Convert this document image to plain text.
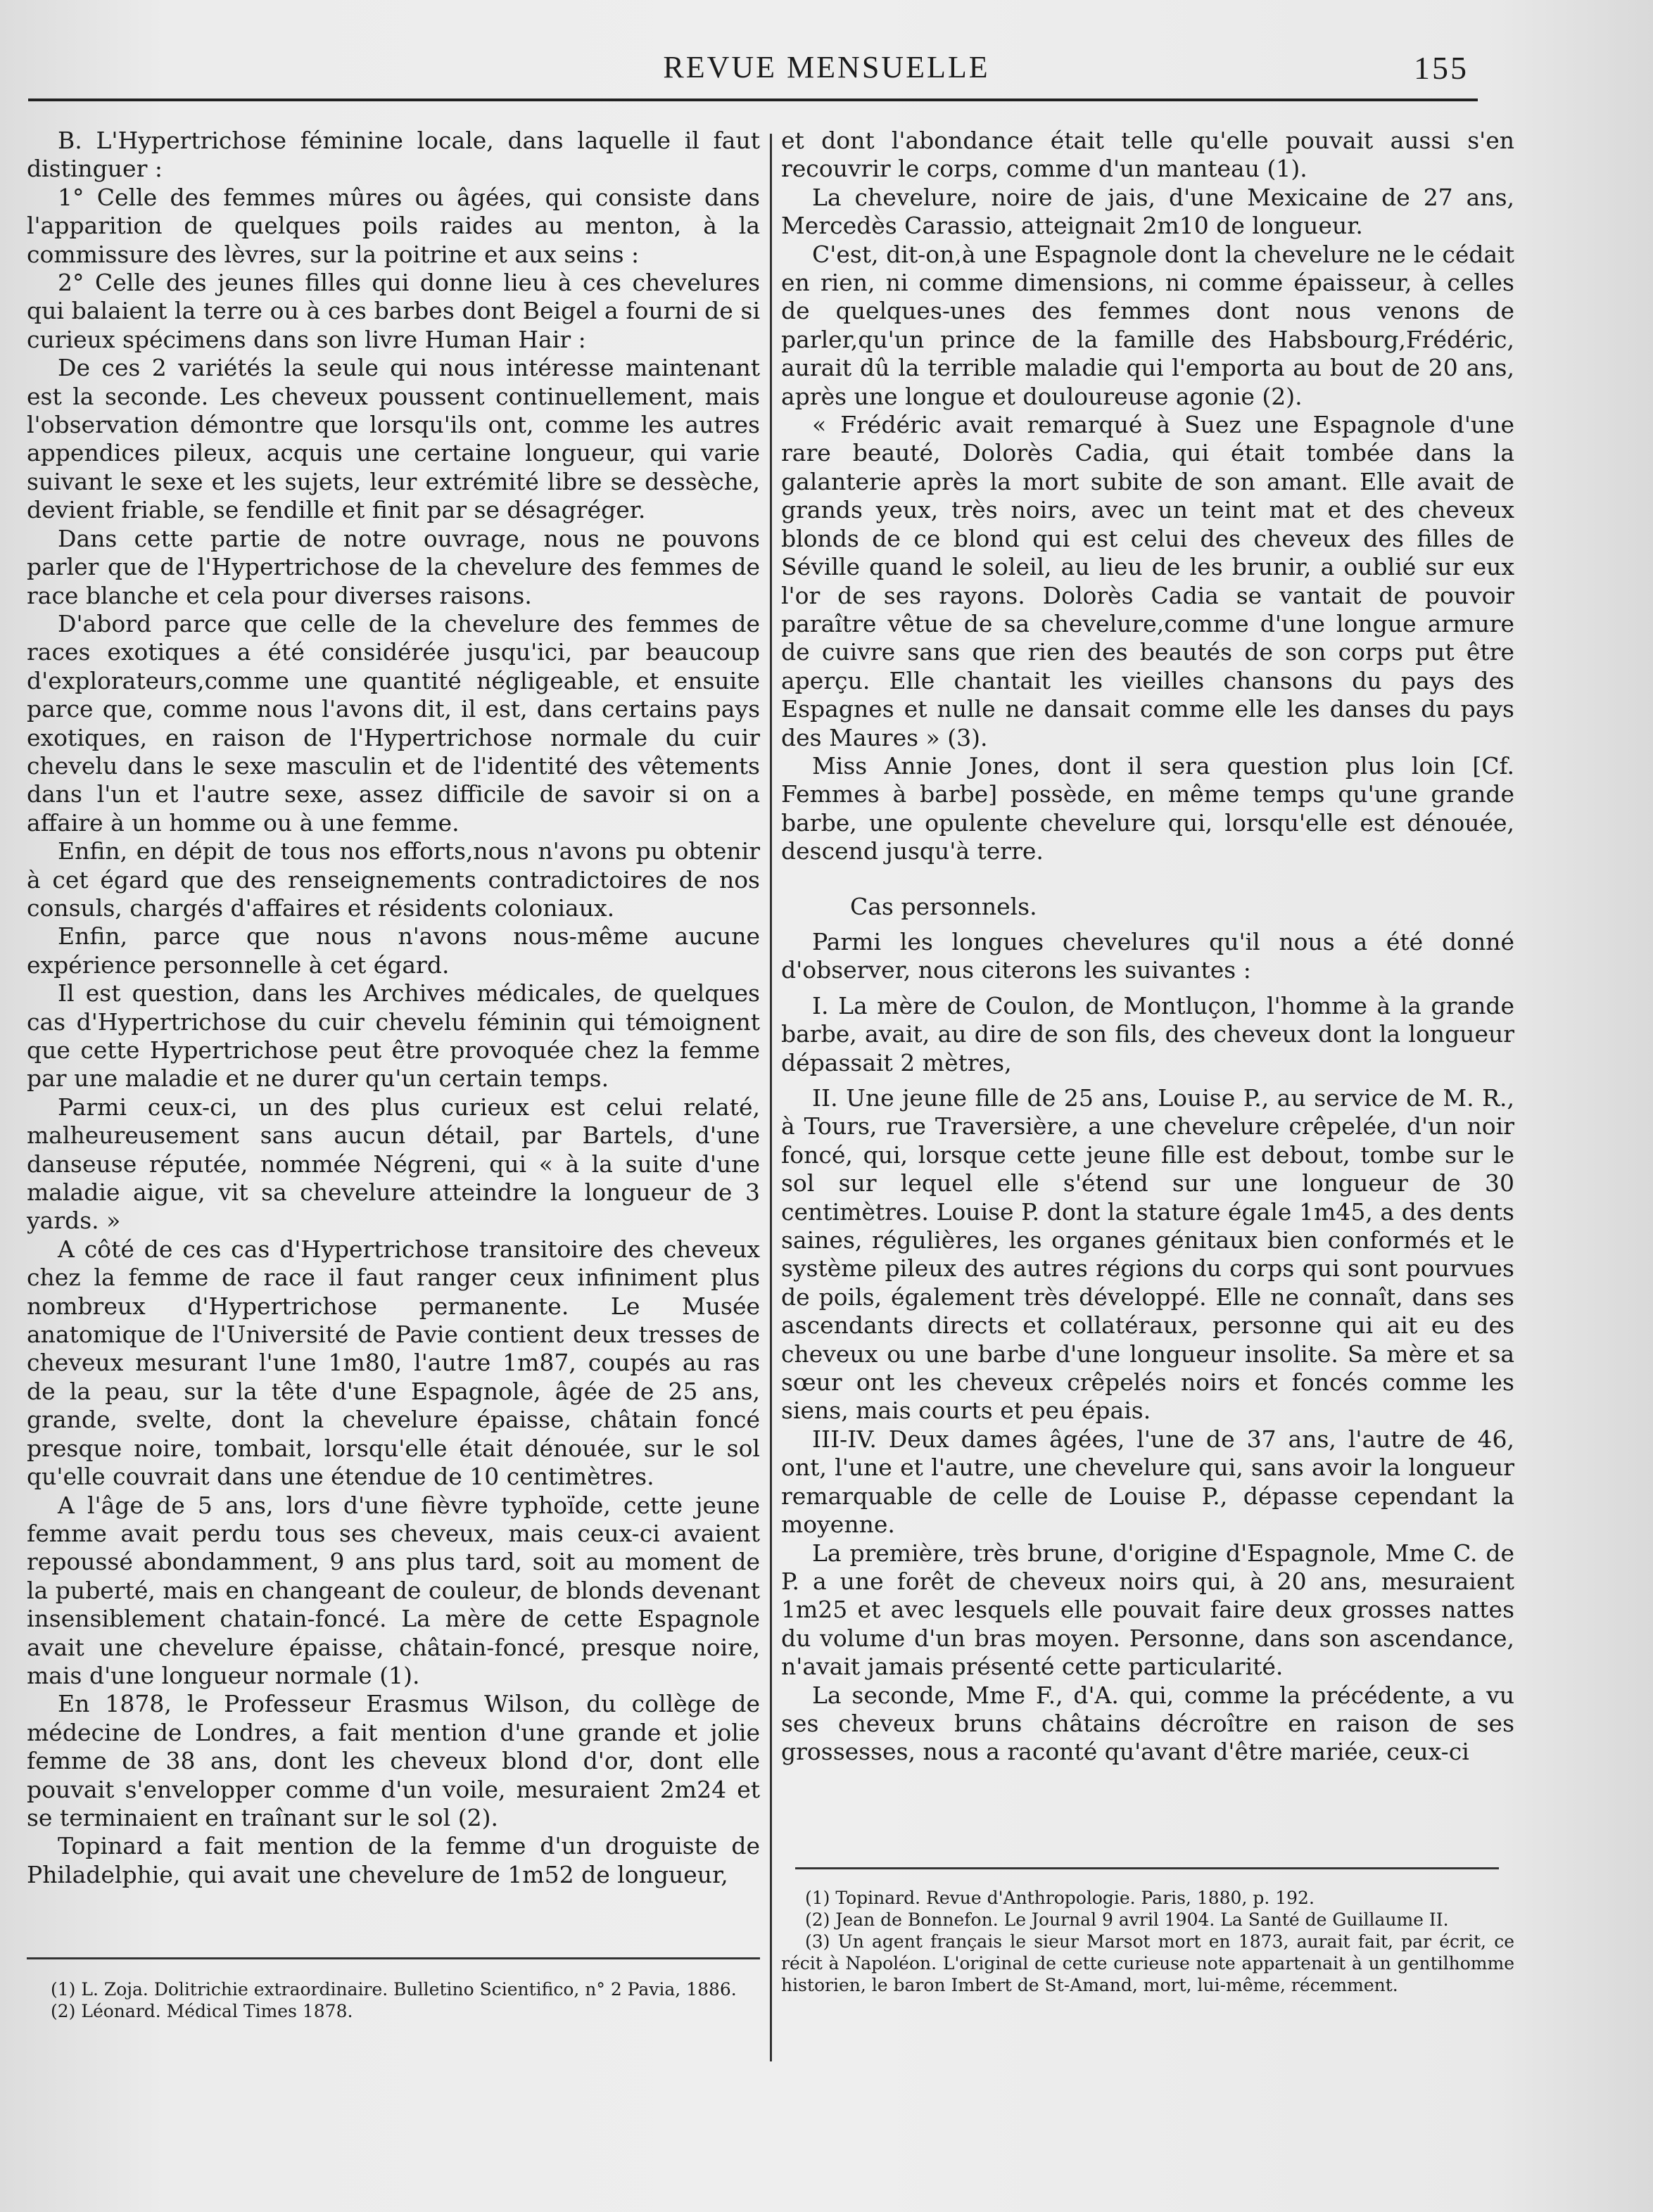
REVUE MENSUELLE	155

B. L'Hypertrichose féminine locale, dans laquelle il faut distinguer :

1° Celle des femmes mûres ou âgées, qui consiste dans l'apparition de quelques poils raides au menton, à la commissure des lèvres, sur la poitrine et aux seins :

2° Celle des jeunes filles qui donne lieu à ces chevelures qui balaient la terre ou à ces barbes dont Beigel a fourni de si curieux spécimens dans son livre Human Hair :

De ces 2 variétés la seule qui nous intéresse maintenant est la seconde. Les cheveux poussent continuellement, mais l'observation démontre que lorsqu'ils ont, comme les autres appendices pileux, acquis une certaine longueur, qui varie suivant le sexe et les sujets, leur extrémité libre se dessèche, devient friable, se fendille et finit par se désagréger.

Dans cette partie de notre ouvrage, nous ne pouvons parler que de l'Hypertrichose de la chevelure des femmes de race blanche et cela pour diverses raisons.

D'abord parce que celle de la chevelure des femmes de races exotiques a été considérée jusqu'ici, par beaucoup d'explorateurs,comme une quantité négligeable, et ensuite parce que, comme nous l'avons dit, il est, dans certains pays exotiques, en raison de l'Hypertrichose normale du cuir chevelu dans le sexe masculin et de l'identité des vêtements dans l'un et l'autre sexe, assez difficile de savoir si on a affaire à un homme ou à une femme.

Enfin, en dépit de tous nos efforts,nous n'avons pu obtenir à cet égard que des renseignements contradictoires de nos consuls, chargés d'affaires et résidents coloniaux.

Enfin, parce que nous n'avons nous-même aucune expérience personnelle à cet égard.

Il est question, dans les Archives médicales, de quelques cas d'Hypertrichose du cuir chevelu féminin qui témoignent que cette Hypertrichose peut être provoquée chez la femme par une maladie et ne durer qu'un certain temps.

Parmi ceux-ci, un des plus curieux est celui relaté, malheureusement sans aucun détail, par Bartels, d'une danseuse réputée, nommée Négreni, qui « à la suite d'une maladie aigue, vit sa chevelure atteindre la longueur de 3 yards. »

A côté de ces cas d'Hypertrichose transitoire des cheveux chez la femme de race il faut ranger ceux infiniment plus nombreux d'Hypertrichose permanente. Le Musée anatomique de l'Université de Pavie contient deux tresses de cheveux mesurant l'une 1m80, l'autre 1m87, coupés au ras de la peau, sur la tête d'une Espagnole, âgée de 25 ans, grande, svelte, dont la chevelure épaisse, châtain foncé presque noire, tombait, lorsqu'elle était dénouée, sur le sol qu'elle couvrait dans une étendue de 10 centimètres.

A l'âge de 5 ans, lors d'une fièvre typhoïde, cette jeune femme avait perdu tous ses cheveux, mais ceux-ci avaient repoussé abondamment, 9 ans plus tard, soit au moment de la puberté, mais en changeant de couleur, de blonds devenant insensiblement chatain-foncé. La mère de cette Espagnole avait une chevelure épaisse, châtain-foncé, presque noire, mais d'une longueur normale (1).

En 1878, le Professeur Erasmus Wilson, du collège de médecine de Londres, a fait mention d'une grande et jolie femme de 38 ans, dont les cheveux blond d'or, dont elle pouvait s'envelopper comme d'un voile, mesuraient 2m24 et se terminaient en traînant sur le sol (2).

Topinard a fait mention de la femme d'un droguiste de Philadelphie, qui avait une chevelure de 1m52 de longueur,

(1) L. Zoja. Dolitrichie extraordinaire. Bulletino Scientifico, n° 2 Pavia, 1886.

(2) Léonard. Médical Times 1878.

et dont l'abondance était telle qu'elle pouvait aussi s'en recouvrir le corps, comme d'un manteau (1).

La chevelure, noire de jais, d'une Mexicaine de 27 ans, Mercedès Carassio, atteignait 2m10 de longueur.

C'est, dit-on,à une Espagnole dont la chevelure ne le cédait en rien, ni comme dimensions, ni comme épaisseur, à celles de quelques-unes des femmes dont nous venons de parler,qu'un prince de la famille des Habsbourg,Frédéric, aurait dû la terrible maladie qui l'emporta au bout de 20 ans, après une longue et douloureuse agonie (2).

« Frédéric avait remarqué à Suez une Espagnole d'une rare beauté, Dolorès Cadia, qui était tombée dans la galanterie après la mort subite de son amant. Elle avait de grands yeux, très noirs, avec un teint mat et des cheveux blonds de ce blond qui est celui des cheveux des filles de Séville quand le soleil, au lieu de les brunir, a oublié sur eux l'or de ses rayons. Dolorès Cadia se vantait de pouvoir paraître vêtue de sa chevelure,comme d'une longue armure de cuivre sans que rien des beautés de son corps put être aperçu. Elle chantait les vieilles chansons du pays des Espagnes et nulle ne dansait comme elle les danses du pays des Maures » (3).

Miss Annie Jones, dont il sera question plus loin [Cf. Femmes à barbe] possède, en même temps qu'une grande barbe, une opulente chevelure qui, lorsqu'elle est dénouée, descend jusqu'à terre.

Cas personnels.

Parmi les longues chevelures qu'il nous a été donné d'observer, nous citerons les suivantes :

I. La mère de Coulon, de Montluçon, l'homme à la grande barbe, avait, au dire de son fils, des cheveux dont la longueur dépassait 2 mètres,

II. Une jeune fille de 25 ans, Louise P., au service de M. R., à Tours, rue Traversière, a une chevelure crêpelée, d'un noir foncé, qui, lorsque cette jeune fille est debout, tombe sur le sol sur lequel elle s'étend sur une longueur de 30 centimètres. Louise P. dont la stature égale 1m45, a des dents saines, régulières, les organes génitaux bien conformés et le système pileux des autres régions du corps qui sont pourvues de poils, également très développé. Elle ne connaît, dans ses ascendants directs et collatéraux, personne qui ait eu des cheveux ou une barbe d'une longueur insolite. Sa mère et sa sœur ont les cheveux crêpelés noirs et foncés comme les siens, mais courts et peu épais.

III-IV. Deux dames âgées, l'une de 37 ans, l'autre de 46, ont, l'une et l'autre, une chevelure qui, sans avoir la longueur remarquable de celle de Louise P., dépasse cependant la moyenne.

La première, très brune, d'origine d'Espagnole, Mme C. de P. a une forêt de cheveux noirs qui, à 20 ans, mesuraient 1m25 et avec lesquels elle pouvait faire deux grosses nattes du volume d'un bras moyen. Personne, dans son ascendance, n'avait jamais présenté cette particularité.

La seconde, Mme F., d'A. qui, comme la précédente, a vu ses cheveux bruns châtains décroître en raison de ses grossesses, nous a raconté qu'avant d'être mariée, ceux-ci

(1) Topinard. Revue d'Anthropologie. Paris, 1880, p. 192.

(2) Jean de Bonnefon. Le Journal 9 avril 1904. La Santé de Guillaume II.

(3) Un agent français le sieur Marsot mort en 1873, aurait fait, par écrit, ce récit à Napoléon. L'original de cette curieuse note appartenait à un gentilhomme historien, le baron Imbert de St-Amand, mort, lui-même, récemment.
